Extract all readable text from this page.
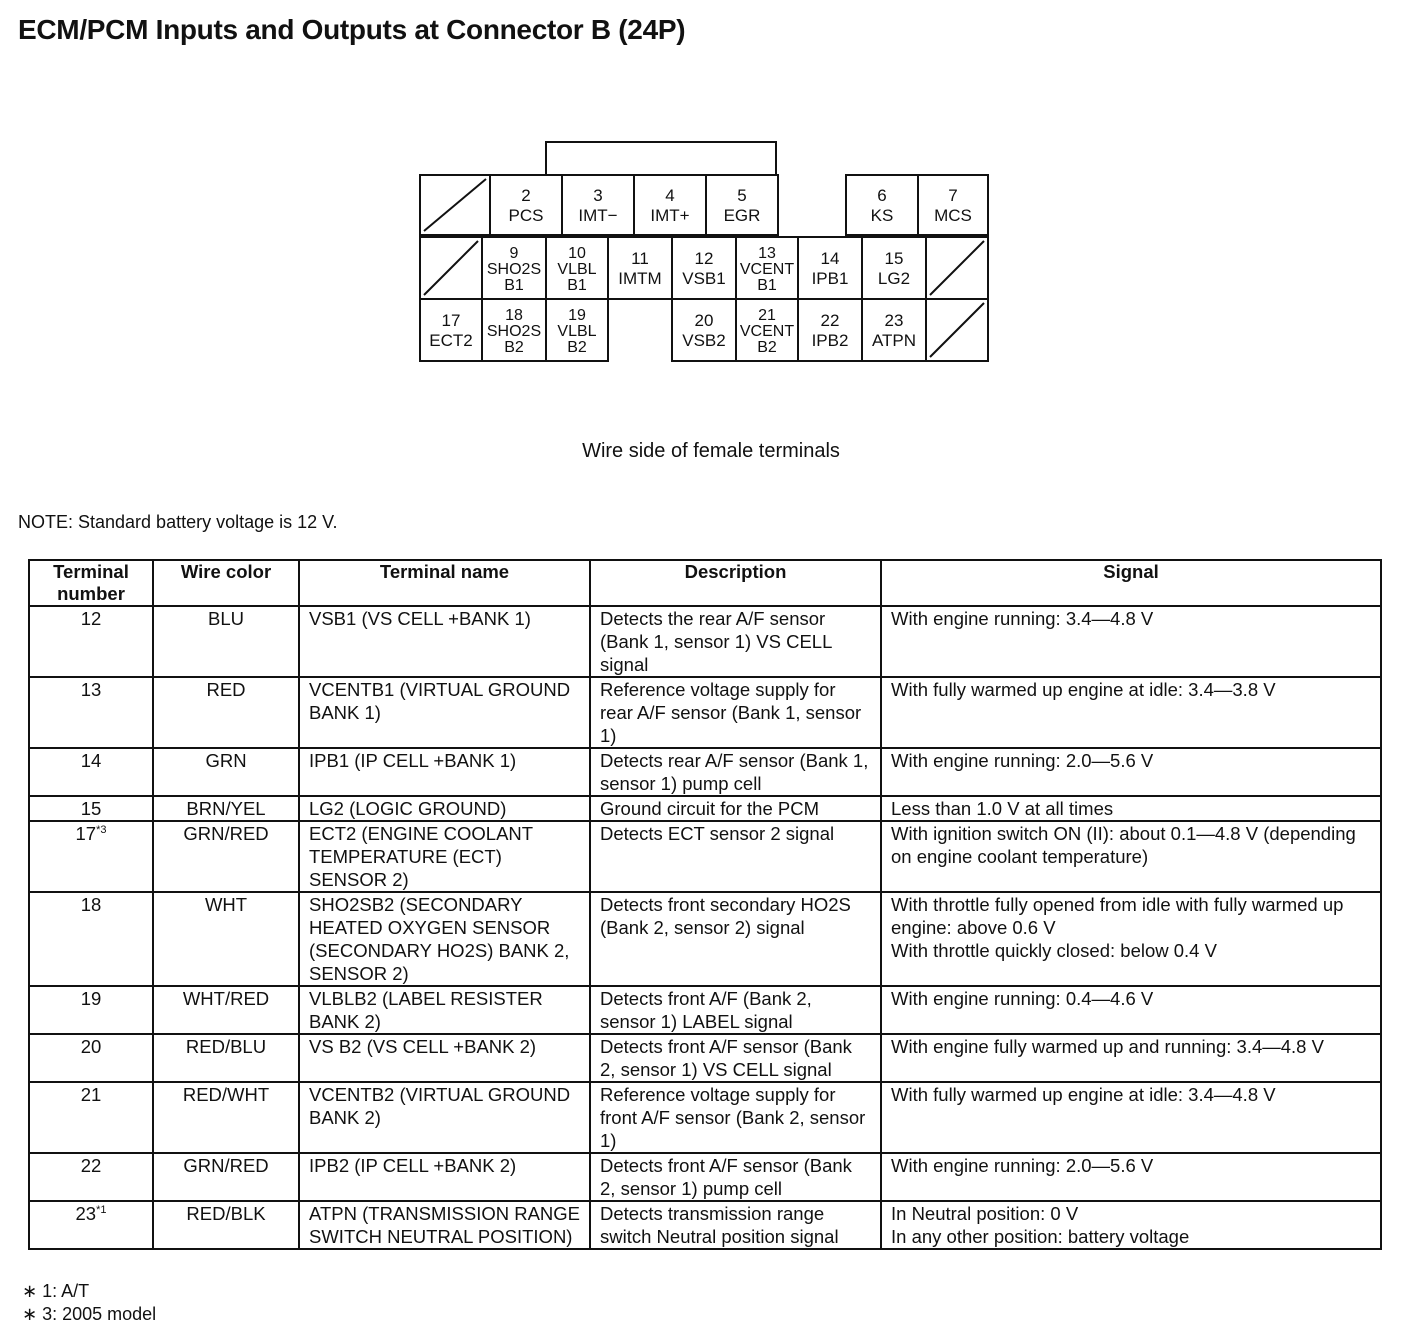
ECM/PCM Inputs and Outputs at Connector B (24P)
2
PCS
3
IMT−
4
IMT+
5
EGR
6
KS
7
MCS
9
SHO2S
B1
10
VLBL
B1
11
IMTM
12
VSB1
13
VCENT
B1
14
IPB1
15
LG2
17
ECT2
18
SHO2S
B2
19
VLBL
B2
20
VSB2
21
VCENT
B2
22
IPB2
23
ATPN
Wire side of female terminals
NOTE: Standard battery voltage is 12 V.
Terminal number	Wire color	Terminal name	Description	Signal
12	BLU	VSB1 (VS CELL +BANK 1)	Detects the rear A/F sensor (Bank 1, sensor 1) VS CELL signal	With engine running: 3.4—4.8 V
13	RED	VCENTB1 (VIRTUAL GROUND BANK 1)	Reference voltage supply for rear A/F sensor (Bank 1, sensor 1)	With fully warmed up engine at idle: 3.4—3.8 V
14	GRN	IPB1 (IP CELL +BANK 1)	Detects rear A/F sensor (Bank 1, sensor 1) pump cell	With engine running: 2.0—5.6 V
15	BRN/YEL	LG2 (LOGIC GROUND)	Ground circuit for the PCM	Less than 1.0 V at all times
17$^{*3}$	GRN/RED	ECT2 (ENGINE COOLANT TEMPERATURE (ECT) SENSOR 2)	Detects ECT sensor 2 signal	With ignition switch ON (II): about 0.1—4.8 V (depending on engine coolant temperature)
18	WHT	SHO2SB2 (SECONDARY HEATED OXYGEN SENSOR (SECONDARY HO2S) BANK 2, SENSOR 2)	Detects front secondary HO2S (Bank 2, sensor 2) signal	With throttle fully opened from idle with fully warmed up engine: above 0.6 V
With throttle quickly closed: below 0.4 V
19	WHT/RED	VLBLB2 (LABEL RESISTER BANK 2)	Detects front A/F (Bank 2, sensor 1) LABEL signal	With engine running: 0.4—4.6 V
20	RED/BLU	VS B2 (VS CELL +BANK 2)	Detects front A/F sensor (Bank 2, sensor 1) VS CELL signal	With engine fully warmed up and running: 3.4—4.8 V
21	RED/WHT	VCENTB2 (VIRTUAL GROUND BANK 2)	Reference voltage supply for front A/F sensor (Bank 2, sensor 1)	With fully warmed up engine at idle: 3.4—4.8 V
22	GRN/RED	IPB2 (IP CELL +BANK 2)	Detects front A/F sensor (Bank 2, sensor 1) pump cell	With engine running: 2.0—5.6 V
23$^{*1}$	RED/BLK	ATPN (TRANSMISSION RANGE SWITCH NEUTRAL POSITION)	Detects transmission range switch Neutral position signal	In Neutral position: 0 V
In any other position: battery voltage
∗ 1: A/T
∗ 3: 2005 model
